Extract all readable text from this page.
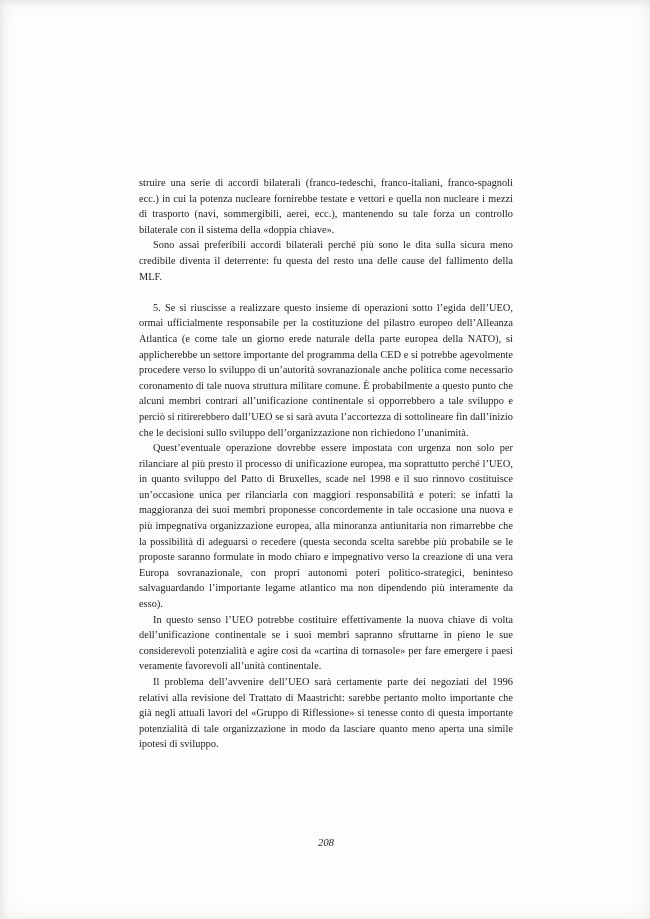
struire una serie di accordi bilaterali (franco-tedeschi, franco-italiani, franco-spagnoli ecc.) in cui la potenza nucleare fornirebbe testate e vettori e quella non nucleare i mezzi di trasporto (navi, sommergibili, aerei, ecc.), mantenendo su tale forza un controllo bilaterale con il sistema della «doppia chiave».

Sono assai preferibili accordi bilaterali perché più sono le dita sulla sicura meno credibile diventa il deterrente: fu questa del resto una delle cause del fallimento della MLF.

5. Se si riuscisse a realizzare questo insieme di operazioni sotto l’egida dell’UEO, ormai ufficialmente responsabile per la costituzione del pilastro europeo dell’Alleanza Atlantica (e come tale un giorno erede naturale della parte europea della NATO), si applicherebbe un settore importante del programma della CED e si potrebbe agevolmente procedere verso lo sviluppo di un’autorità sovranazionale anche politica come necessario coronamento di tale nuova struttura militare comune. È probabilmente a questo punto che alcuni membri contrari all’unificazione continentale si opporrebbero a tale sviluppo e perciò si ritirerebbero dall’UEO se si sarà avuta l’accortezza di sottolineare fin dall’inizio che le decisioni sullo sviluppo dell’organizzazione non richiedono l’unanimità.

Quest’eventuale operazione dovrebbe essere impostata con urgenza non solo per rilanciare al più presto il processo di unificazione europea, ma soprattutto perché l’UEO, in quanto sviluppo del Patto di Bruxelles, scade nel 1998 e il suo rinnovo costituisce un’occasione unica per rilanciarla con maggiori responsabilità e poteri: se infatti la maggioranza dei suoi membri proponesse concordemente in tale occasione una nuova e più impegnativa organizzazione europea, alla minoranza antiunitaria non rimarrebbe che la possibilità di adeguarsi o recedere (questa seconda scelta sarebbe più probabile se le proposte saranno formulate in modo chiaro e impegnativo verso la creazione di una vera Europa sovranazionale, con propri autonomi poteri politico-strategici, beninteso salvaguardando l’importante legame atlantico ma non dipendendo più interamente da esso).

In questo senso l’UEO potrebbe costituire effettivamente la nuova chiave di volta dell’unificazione continentale se i suoi membri sapranno sfruttarne in pieno le sue considerevoli potenzialità e agire così da «cartina di tornasole» per fare emergere i paesi veramente favorevoli all’unità continentale.

Il problema dell’avvenire dell’UEO sarà certamente parte dei negoziati del 1996 relativi alla revisione del Trattato di Maastricht: sarebbe pertanto molto importante che già negli attuali lavori del «Gruppo di Riflessione» si tenesse conto di questa importante potenzialità di tale organizzazione in modo da lasciare quanto meno aperta una simile ipotesi di sviluppo.

208
